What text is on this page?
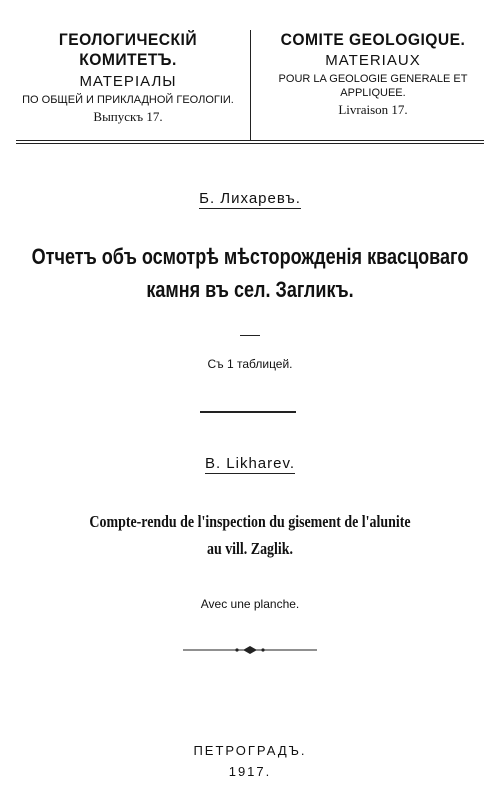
ГЕОЛОГИЧЕСКІЙ КОМИТЕТЪ.
МАТЕРІАЛЫ
ПО ОБЩЕЙ И ПРИКЛАДНОЙ ГЕОЛОГІИ.
Выпускъ 17.
COMITE GEOLOGIQUE.
MATERIAUX
POUR LA GEOLOGIE GENERALE ET APPLIQUEE.
Livraison 17.
Б. Лихаревъ.
Отчетъ объ осмотрѣ мѣсторожденія квасцоваго
камня въ сел. Загликъ.
Съ 1 таблицей.
B. Likharev.
Compte-rendu de l'inspection du gisement de l'alunite
au vill. Zaglik.
Avec une planche.
ПЕТРОГРАДЪ.
1917.
